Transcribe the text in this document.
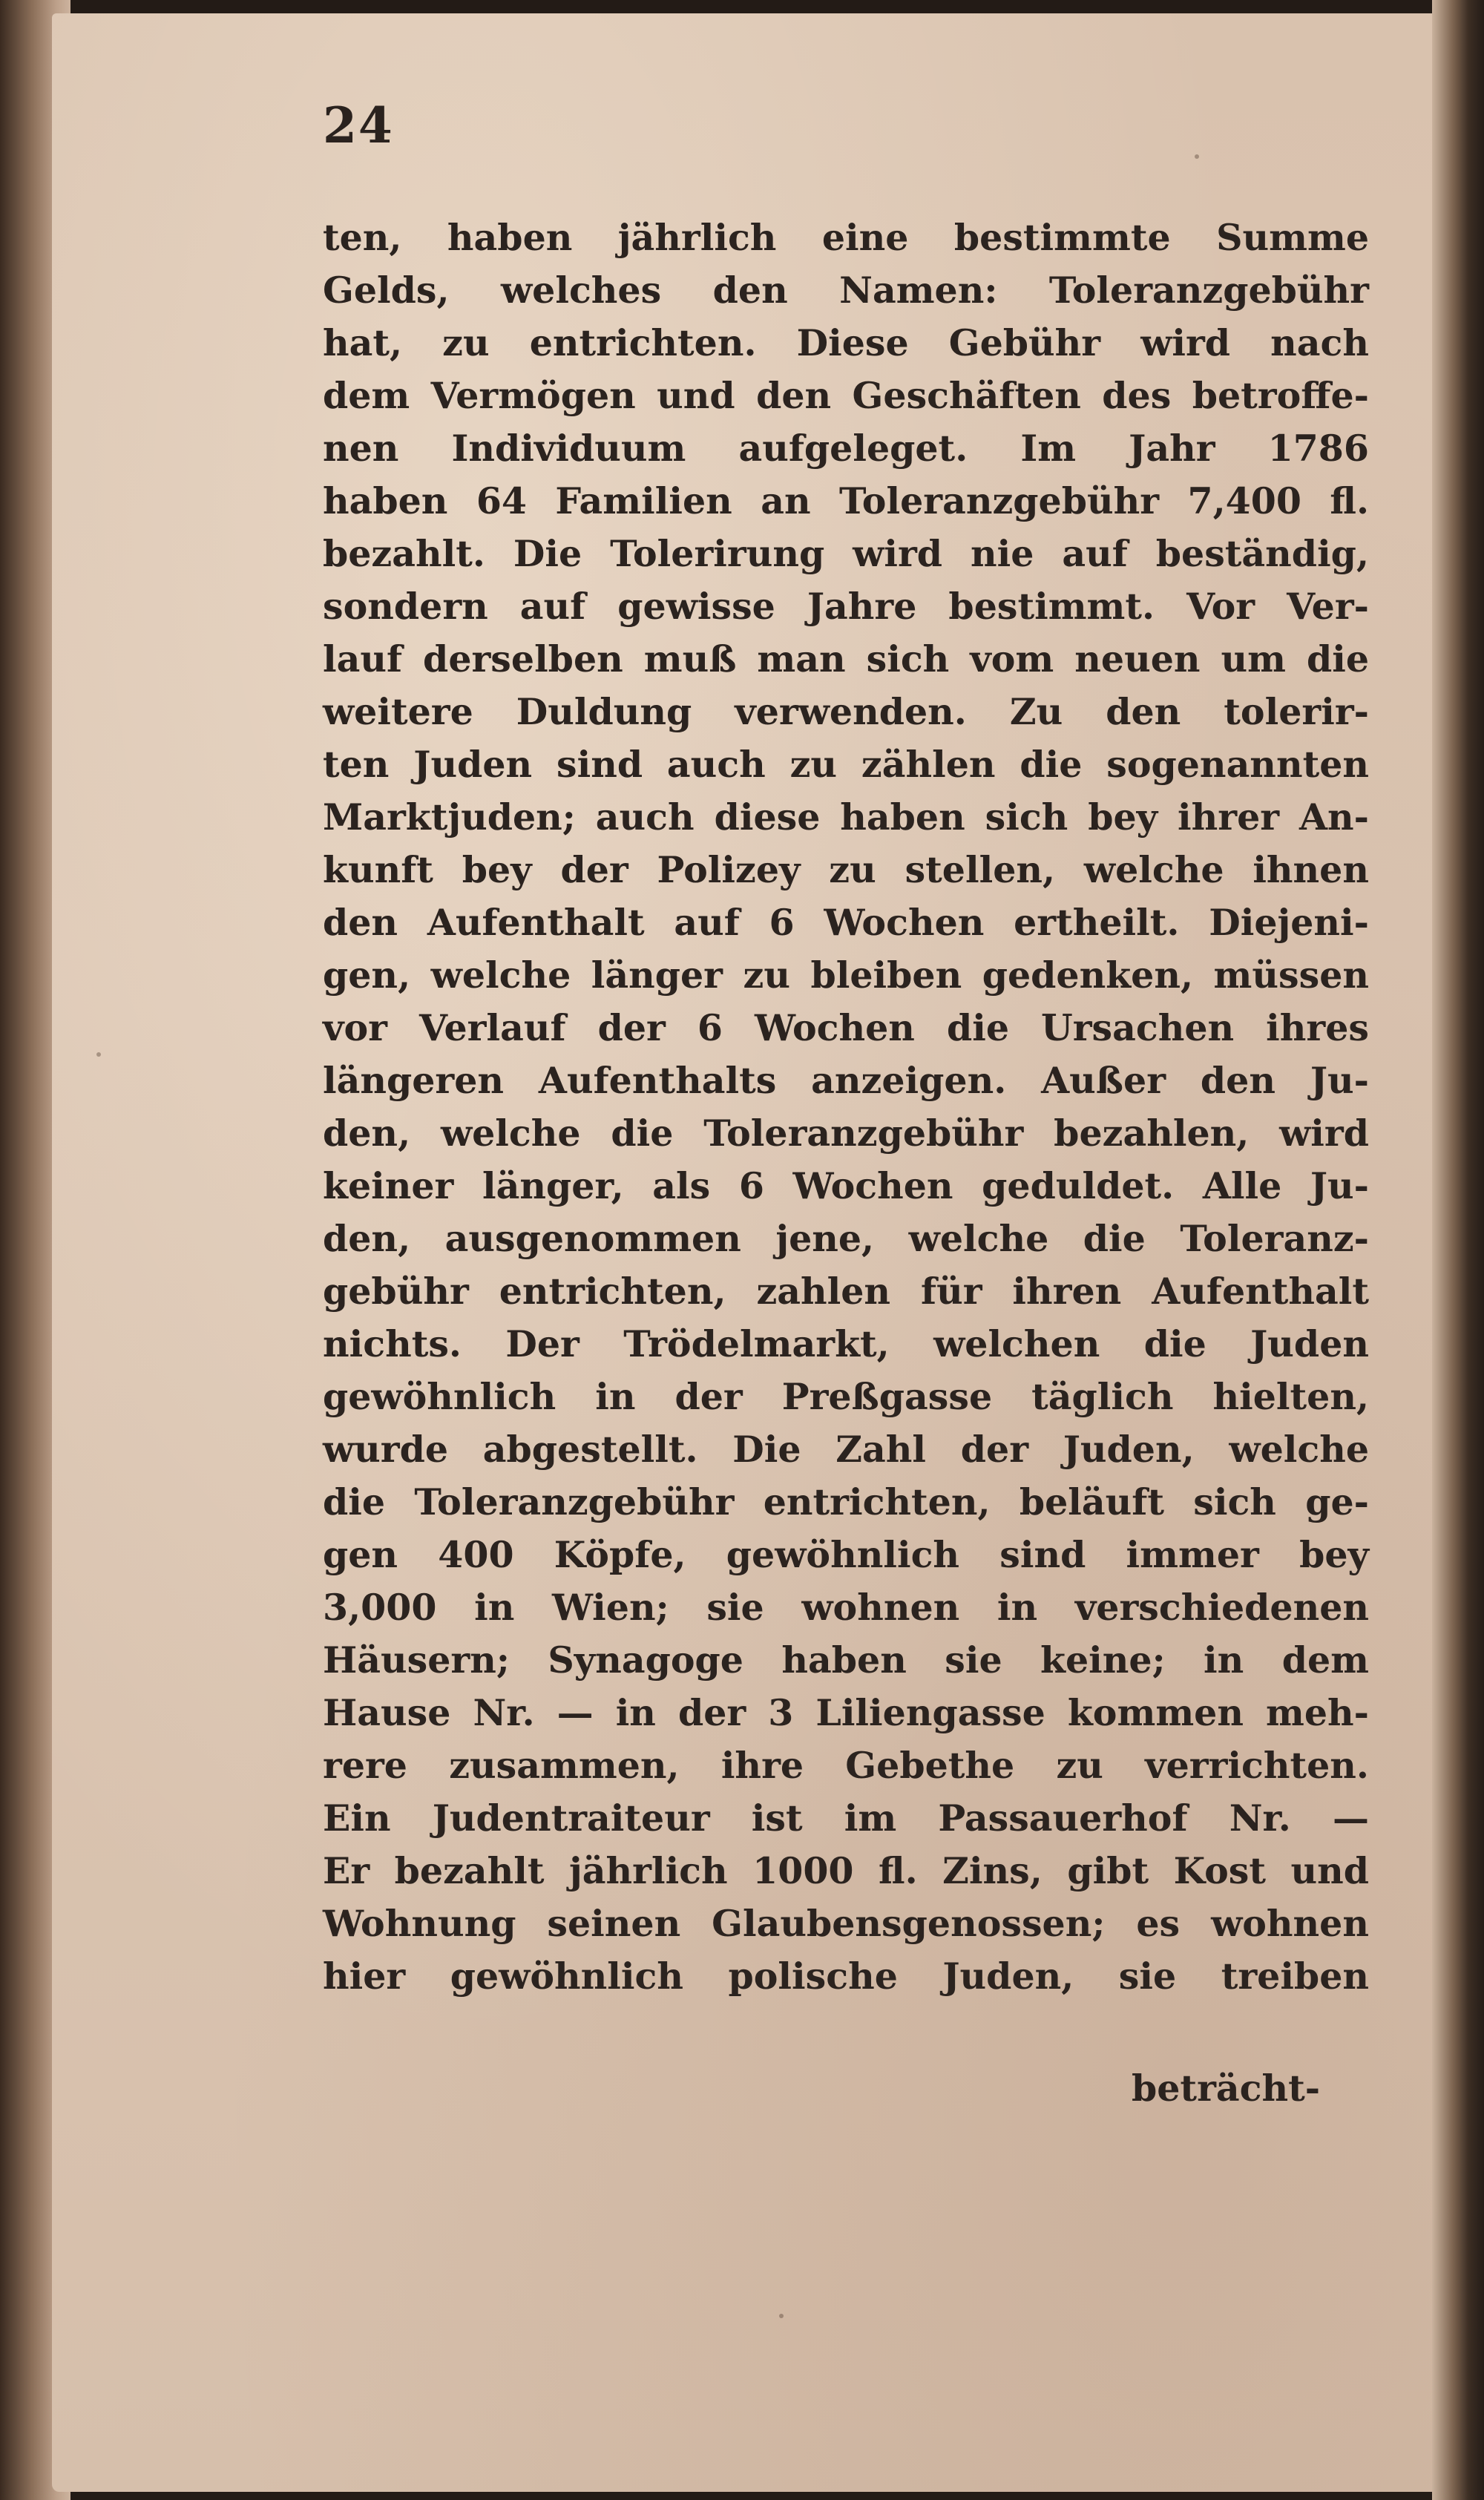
24
ten, haben jährlich eine bestimmte Summe
Gelds, welches den Namen: Toleranzgebühr
hat, zu entrichten. Diese Gebühr wird nach
dem Vermögen und den Geschäften des betroffe-
nen Individuum aufgeleget. Im Jahr 1786
haben 64 Familien an Toleranzgebühr 7,400 fl.
bezahlt. Die Tolerirung wird nie auf beständig,
sondern auf gewisse Jahre bestimmt. Vor Ver-
lauf derselben muß man sich vom neuen um die
weitere Duldung verwenden. Zu den tolerir-
ten Juden sind auch zu zählen die sogenannten
Marktjuden; auch diese haben sich bey ihrer An-
kunft bey der Polizey zu stellen, welche ihnen
den Aufenthalt auf 6 Wochen ertheilt. Diejeni-
gen, welche länger zu bleiben gedenken, müssen
vor Verlauf der 6 Wochen die Ursachen ihres
längeren Aufenthalts anzeigen. Außer den Ju-
den, welche die Toleranzgebühr bezahlen, wird
keiner länger, als 6 Wochen geduldet. Alle Ju-
den, ausgenommen jene, welche die Toleranz-
gebühr entrichten, zahlen für ihren Aufenthalt
nichts. Der Trödelmarkt, welchen die Juden
gewöhnlich in der Preßgasse täglich hielten,
wurde abgestellt. Die Zahl der Juden, welche
die Toleranzgebühr entrichten, beläuft sich ge-
gen 400 Köpfe, gewöhnlich sind immer bey
3,000 in Wien; sie wohnen in verschiedenen
Häusern; Synagoge haben sie keine; in dem
Hause Nr. — in der 3 Liliengasse kommen meh-
rere zusammen, ihre Gebethe zu verrichten.
Ein Judentraiteur ist im Passauerhof Nr. —
Er bezahlt jährlich 1000 fl. Zins, gibt Kost und
Wohnung seinen Glaubensgenossen; es wohnen
hier gewöhnlich polische Juden, sie treiben
beträcht-
